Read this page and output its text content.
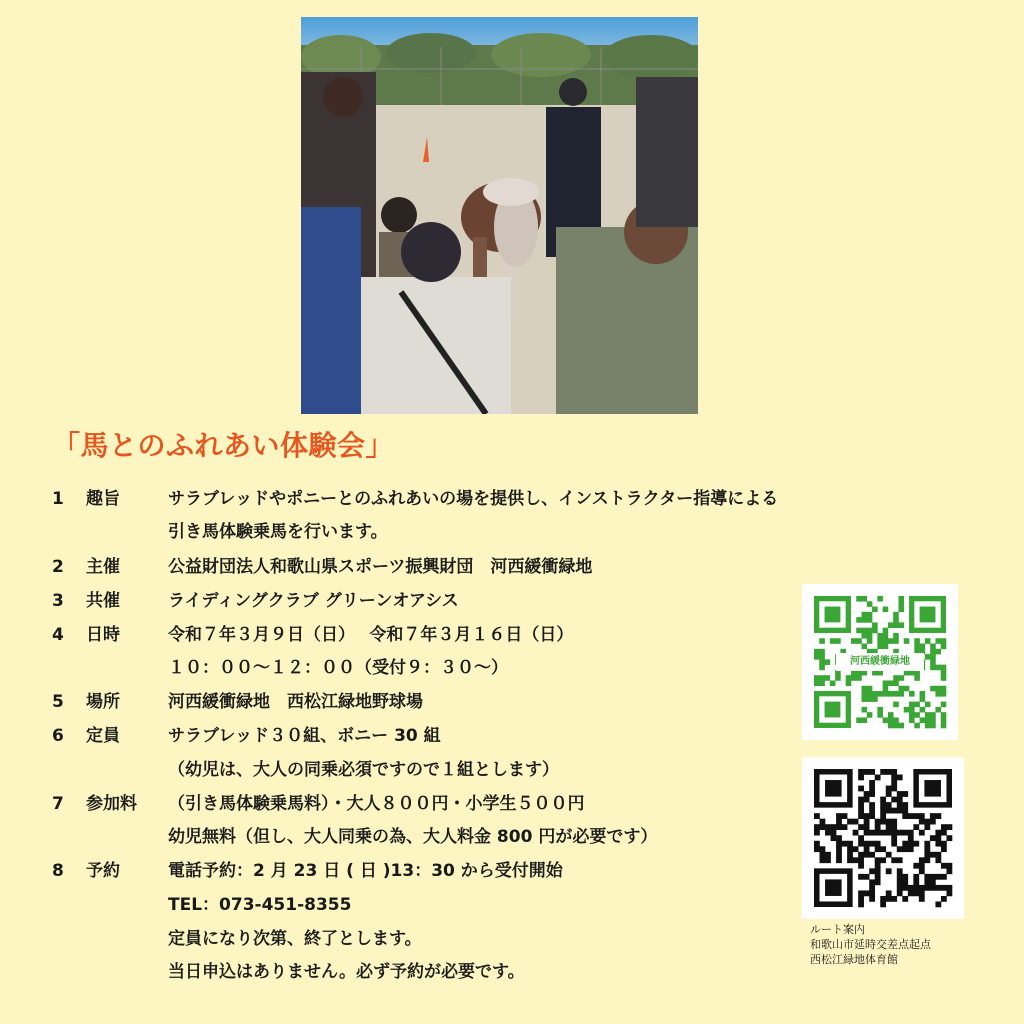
「馬とのふれあい体験会」
1 趣旨	サラブレッドやポニーとのふれあいの場を提供し、インストラクター指導による
引き馬体験乗馬を行います。
2 主催	公益財団法人和歌山県スポーツ振興財団　河西緩衝緑地
3 共催	ライディングクラブ グリーンオアシス
4 日時	令和７年３月９日（日）　 令和７年３月１６日（日）
１０：００～１２：００（受付９：３０～）
5 場所	河西緩衝緑地　西松江緑地野球場
6 定員	サラブレッド３０組、ボニー 30 組
（幼児は、大人の同乗必須ですので１組とします）
7 参加料 （引き馬体験乗馬料）・大人８００円・小学生５００円
幼児無料（但し、大人同乗の為、大人料金 800 円が必要です）
8 予約	電話予約：2 月 23 日 ( 日 )13：30 から受付開始
TEL：073-451-8355
定員になり次第、終了とします。
当日申込はありません。必ず予約が必要です。
河西緩衝緑地
ルート案内
和歌山市延時交差点起点
西松江緑地体育館
